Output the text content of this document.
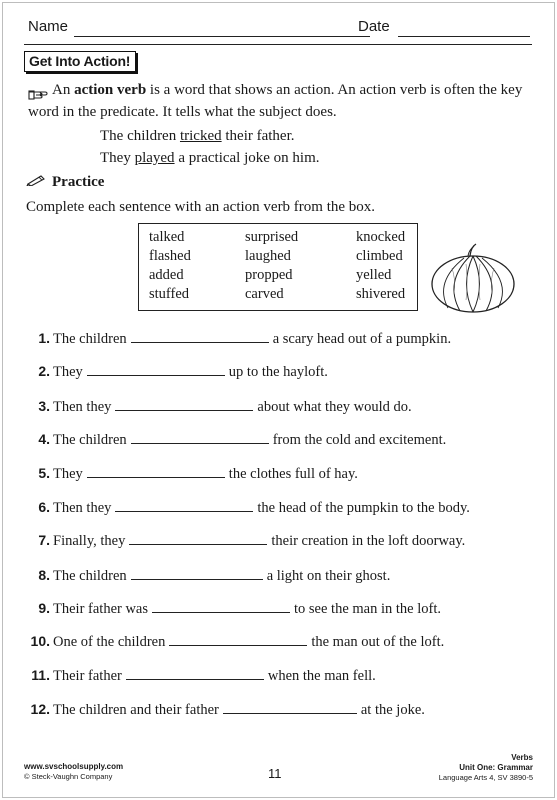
Name	Date
Get Into Action!
An action verb is a word that shows an action. An action verb is often the key
word in the predicate. It tells what the subject does.
The children tricked their father.
They played a practical joke on him.
Practice
Complete each sentence with an action verb from the box.
talked	surprised	knocked
flashed	laughed	climbed
added	propped	yelled
stuffed	carved	shivered
1. The children	a scary head out of a pumpkin.
2. They	up to the hayloft.
3. Then they	about what they would do.
4. The children	from the cold and excitement.
5. They	the clothes full of hay.
6. Then they	the head of the pumpkin to the body.
7. Finally, they	their creation in the loft doorway.
8. The children	a light on their ghost.
9. Their father was	to see the man in the loft.
10. One of the children	the man out of the loft.
11. Their father	when the man fell.
12. The children and their father	at the joke.
www.svschoolsupply.com
© Steck-Vaughn Company	11
Verbs
Unit One: Grammar
Language Arts 4, SV 3890-5
